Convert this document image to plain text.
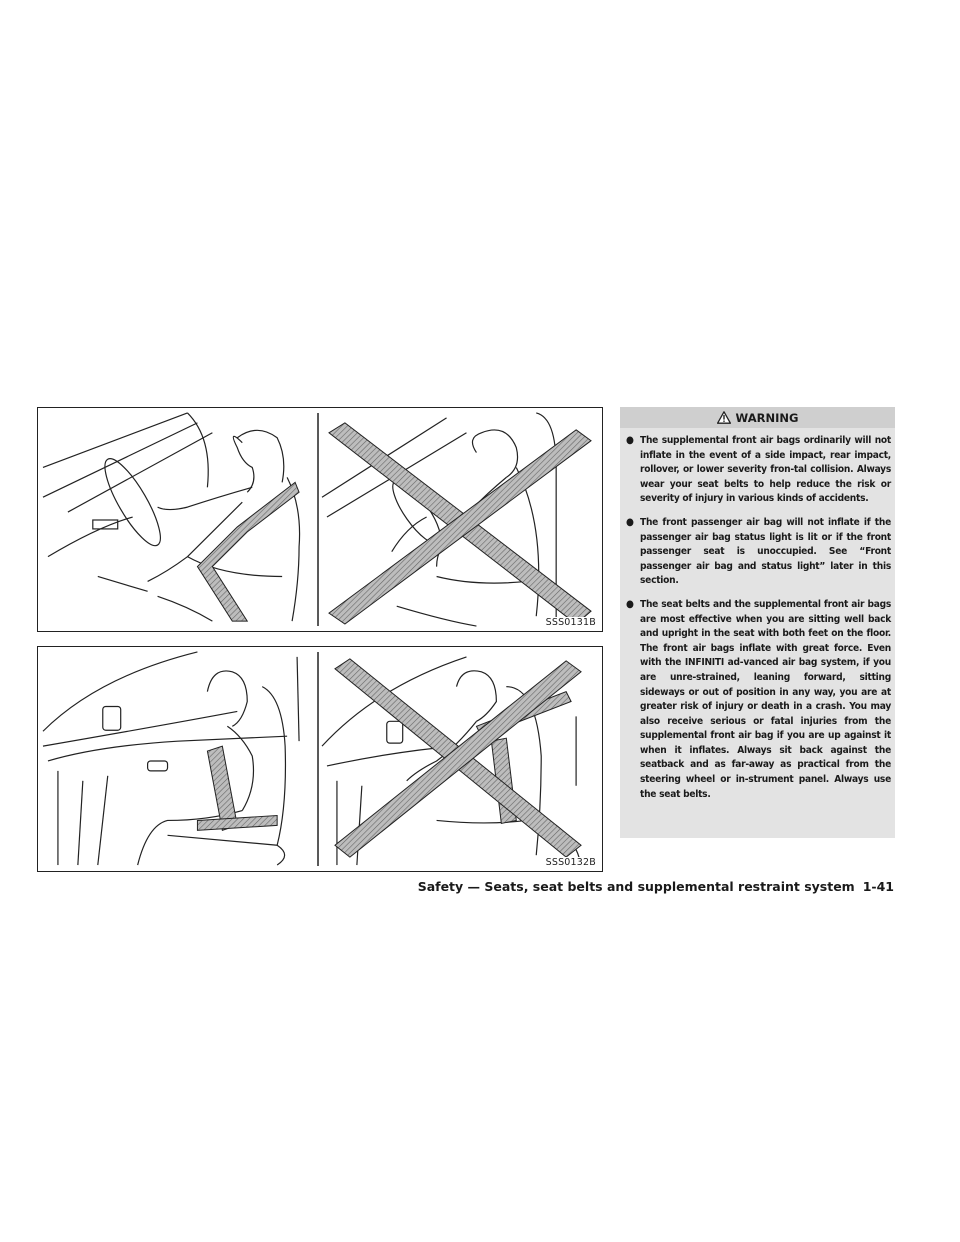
SSS0131B
SSS0132B
WARNING
● The supplemental front air bags ordinarily will not inflate in the event of a side impact, rear impact, rollover, or lower severity fron-tal collision. Always wear your seat belts to help reduce the risk or severity of injury in various kinds of accidents.
● The front passenger air bag will not inflate if the passenger air bag status light is lit or if the front passenger seat is unoccupied. See “Front passenger air bag and status light” later in this section.
● The seat belts and the supplemental front air bags are most effective when you are sitting well back and upright in the seat with both feet on the floor. The front air bags inflate with great force. Even with the INFINITI ad-vanced air bag system, if you are unre-strained, leaning forward, sitting sideways or out of position in any way, you are at greater risk of injury or death in a crash. You may also receive serious or fatal injuries from the supplemental front air bag if you are up against it when it inflates. Always sit back against the seatback and as far-away as practical from the steering wheel or in-strument panel. Always use the seat belts.
Safety — Seats, seat belts and supplemental restraint system 1-41
